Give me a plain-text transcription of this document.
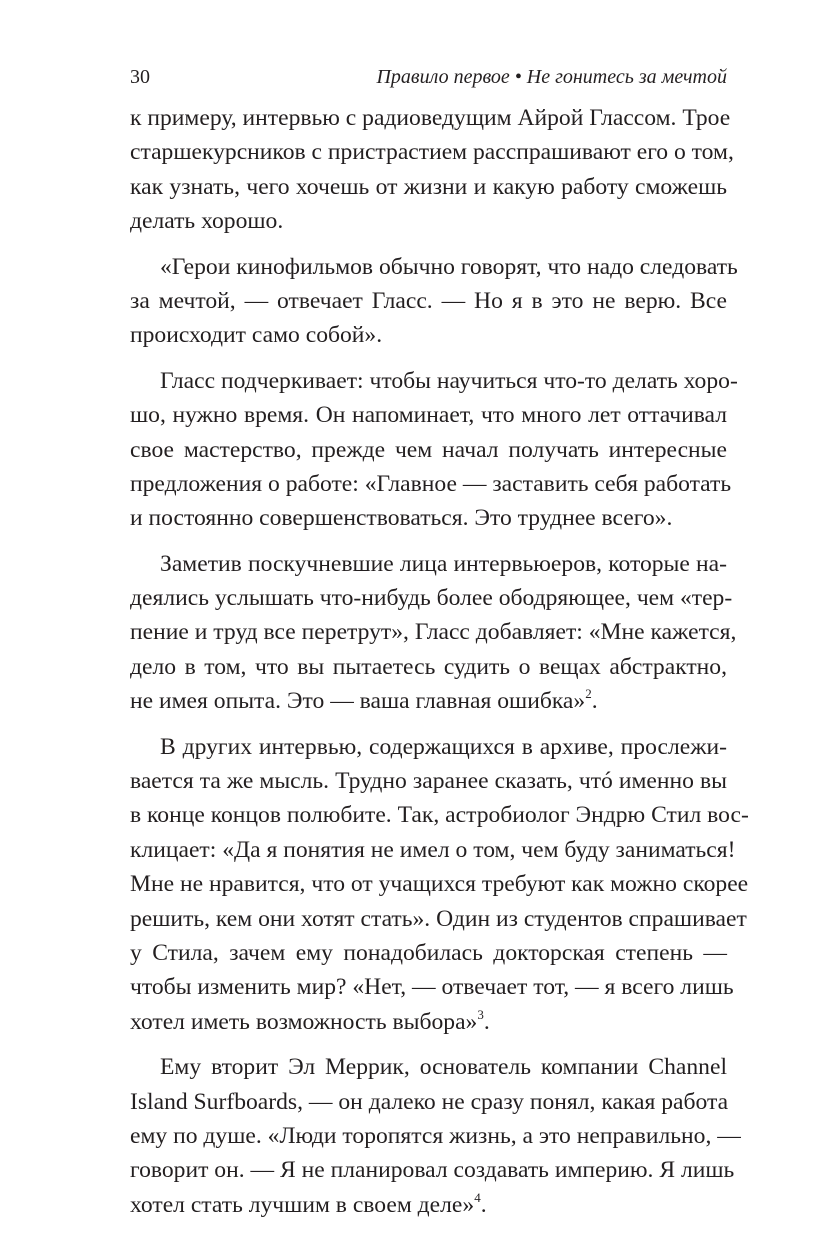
30	Правило первое • Не гонитесь за мечтой
к примеру, интервью с радиоведущим Айрой Глассом. Трое
старшекурсников с пристрастием расспрашивают его о том,
как узнать, чего хочешь от жизни и какую работу сможешь
делать хорошо.
«Герои кинофильмов обычно говорят, что надо следовать
за мечтой, — отвечает Гласс. — Но я в это не верю. Все
происходит само собой».
Гласс подчеркивает: чтобы научиться что-то делать хоро-
шо, нужно время. Он напоминает, что много лет оттачивал
свое мастерство, прежде чем начал получать интересные
предложения о работе: «Главное — заставить себя работать
и постоянно совершенствоваться. Это труднее всего».
Заметив поскучневшие лица интервьюеров, которые на-
деялись услышать что-нибудь более ободряющее, чем «тер-
пение и труд все перетрут», Гласс добавляет: «Мне кажется,
дело в том, что вы пытаетесь судить о вещах абстрактно,
не имея опыта. Это — ваша главная ошибка»$^2$.
В других интервью, содержащихся в архиве, прослежи-
вается та же мысль. Трудно заранее сказать, чтó именно вы
в конце концов полюбите. Так, астробиолог Эндрю Стил вос-
клицает: «Да я понятия не имел о том, чем буду заниматься!
Мне не нравится, что от учащихся требуют как можно скорее
решить, кем они хотят стать». Один из студентов спрашивает
у Стила, зачем ему понадобилась докторская степень —
чтобы изменить мир? «Нет, — отвечает тот, — я всего лишь
хотел иметь возможность выбора»$^3$.
Ему вторит Эл Меррик, основатель компании Channel
Island Surfboards, — он далеко не сразу понял, какая работа
ему по душе. «Люди торопятся жизнь, а это неправильно, —
говорит он. — Я не планировал создавать империю. Я лишь
хотел стать лучшим в своем деле»$^4$.
